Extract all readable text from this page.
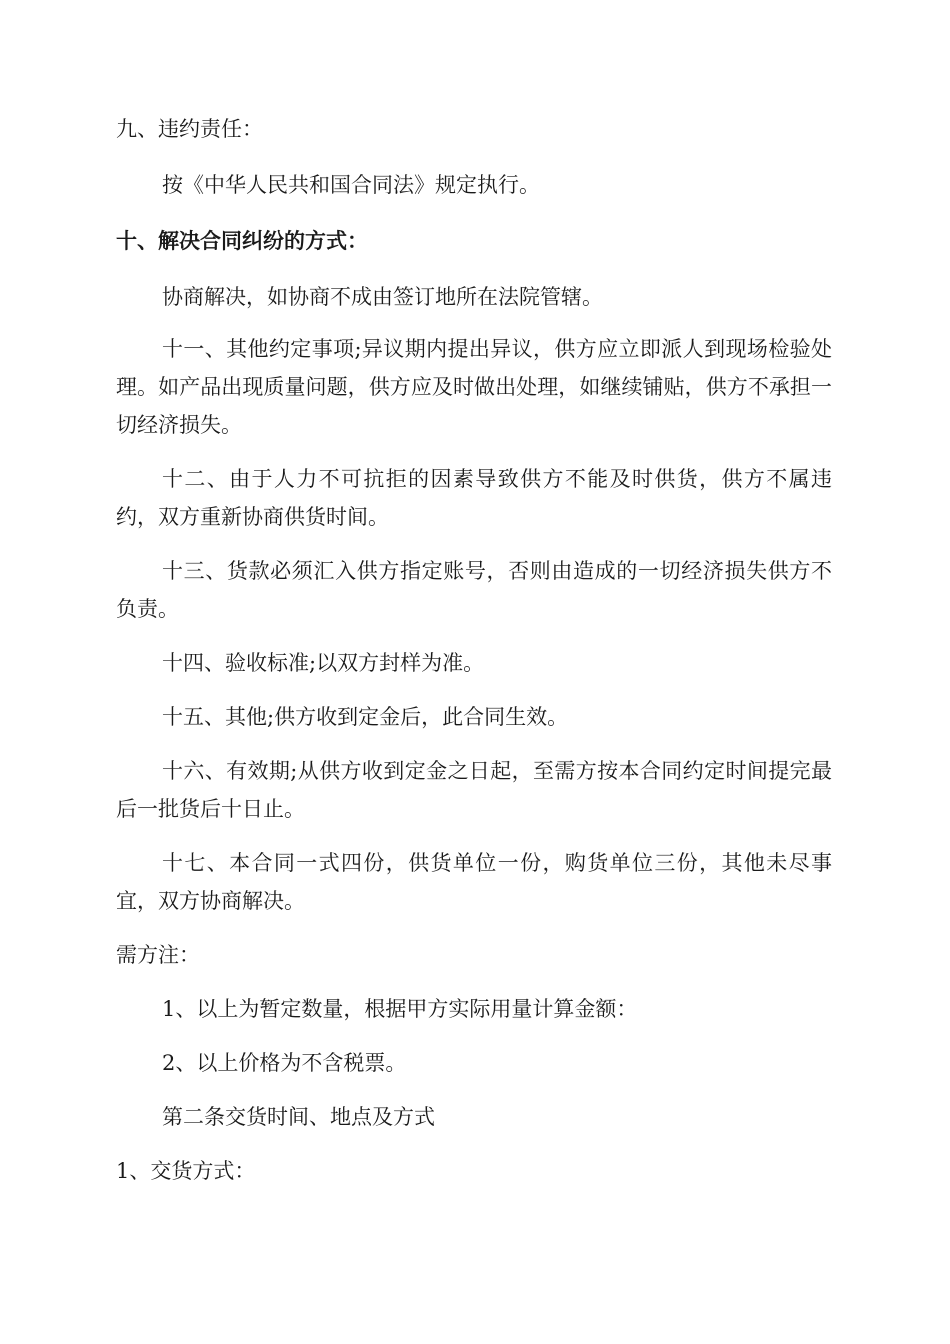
九、违约责任：

按《中华人民共和国合同法》规定执行。

十、解决合同纠纷的方式：

协商解决，如协商不成由签订地所在法院管辖。

十一、其他约定事项;异议期内提出异议，供方应立即派人到现场检验处理。如产品出现质量问题，供方应及时做出处理，如继续铺贴，供方不承担一切经济损失。

十二、由于人力不可抗拒的因素导致供方不能及时供货，供方不属违约，双方重新协商供货时间。

十三、货款必须汇入供方指定账号，否则由造成的一切经济损失供方不负责。

十四、验收标准;以双方封样为准。

十五、其他;供方收到定金后，此合同生效。

十六、有效期;从供方收到定金之日起，至需方按本合同约定时间提完最后一批货后十日止。

十七、本合同一式四份，供货单位一份，购货单位三份，其他未尽事宜，双方协商解决。

需方注：

1、以上为暂定数量，根据甲方实际用量计算金额：

2、以上价格为不含税票。

第二条交货时间、地点及方式

1、交货方式：
